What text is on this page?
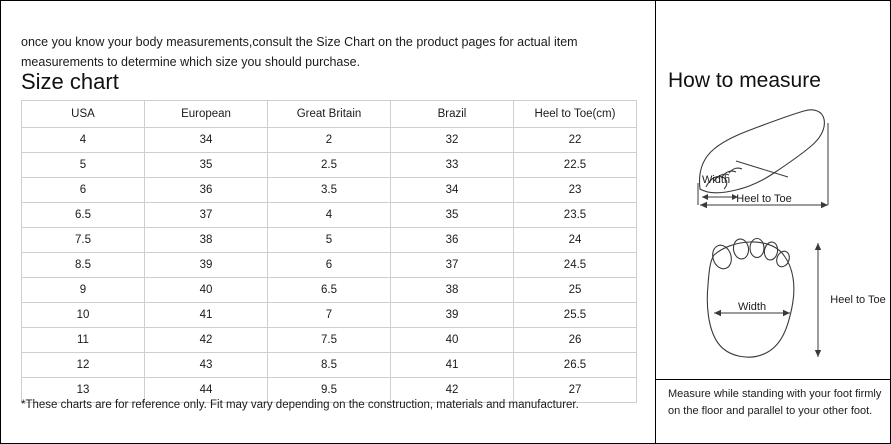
once you know your body measurements,consult the Size Chart on the product pages for actual item measurements to determine which size you should purchase.

Size chart
USA	European	Great Britain	Brazil	Heel to Toe(cm)
4	34	2	32	22
5	35	2.5	33	22.5
6	36	3.5	34	23
6.5	37	4	35	23.5
7.5	38	5	36	24
8.5	39	6	37	24.5
9	40	6.5	38	25
10	41	7	39	25.5
11	42	7.5	40	26
12	43	8.5	41	26.5
13	44	9.5	42	27
*These charts are for reference only. Fit may vary depending on the construction, materials and manufacturer.
How to measure
Width
Heel to Toe
Width
Heel to Toe
Measure while standing with your foot firmly on the floor and parallel to your other foot.
